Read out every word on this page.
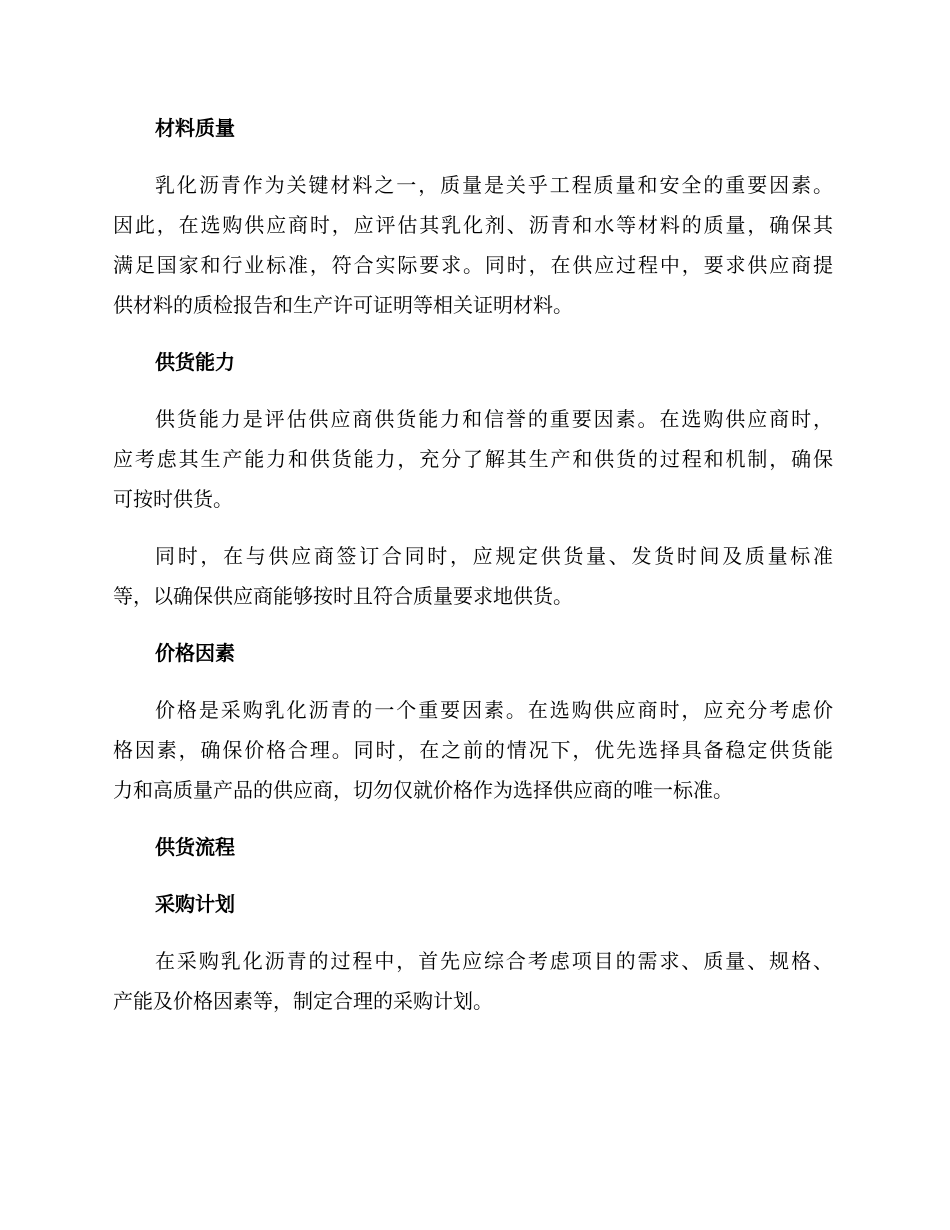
材料质量
乳化沥青作为关键材料之一，质量是关乎工程质量和安全的重要因素。
因此，在选购供应商时，应评估其乳化剂、沥青和水等材料的质量，确保其
满足国家和行业标准，符合实际要求。同时，在供应过程中，要求供应商提
供材料的质检报告和生产许可证明等相关证明材料。
供货能力
供货能力是评估供应商供货能力和信誉的重要因素。在选购供应商时，
应考虑其生产能力和供货能力，充分了解其生产和供货的过程和机制，确保
可按时供货。
同时，在与供应商签订合同时，应规定供货量、发货时间及质量标准
等，以确保供应商能够按时且符合质量要求地供货。
价格因素
价格是采购乳化沥青的一个重要因素。在选购供应商时，应充分考虑价
格因素，确保价格合理。同时，在之前的情况下，优先选择具备稳定供货能
力和高质量产品的供应商，切勿仅就价格作为选择供应商的唯一标准。
供货流程
采购计划
在采购乳化沥青的过程中，首先应综合考虑项目的需求、质量、规格、
产能及价格因素等，制定合理的采购计划。
